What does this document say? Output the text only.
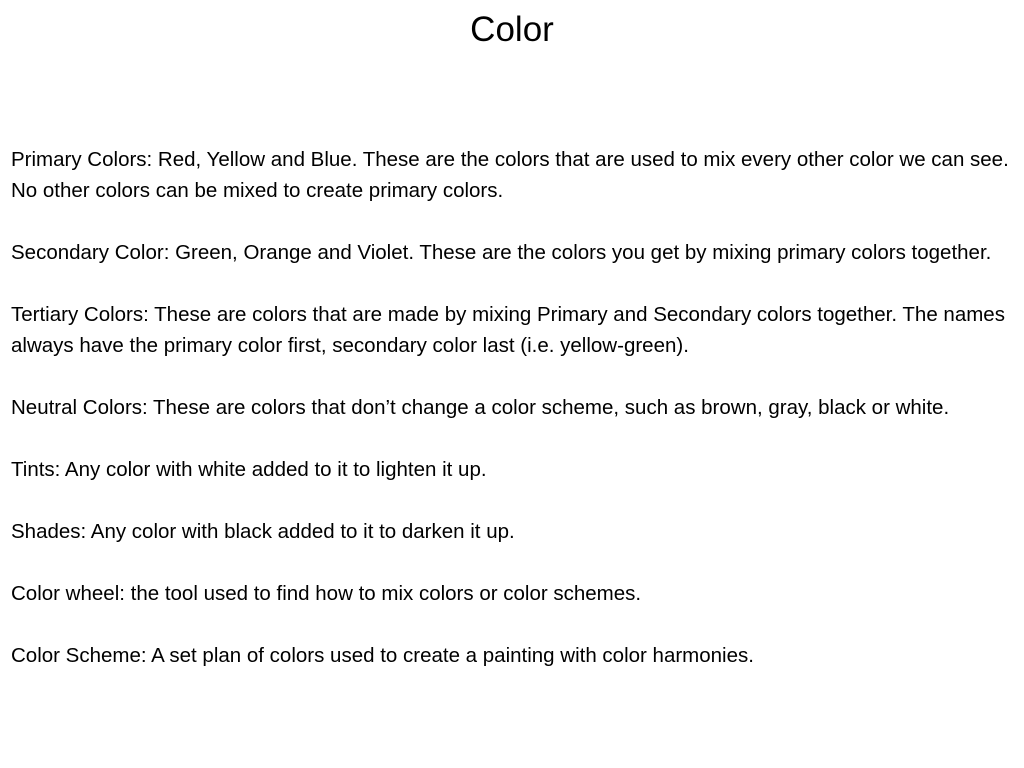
Color

Primary Colors: Red, Yellow and Blue. These are the colors that are used to mix every other color we can see. No other colors can be mixed to create primary colors.

Secondary Color: Green, Orange and Violet. These are the colors you get by mixing primary colors together.

Tertiary Colors: These are colors that are made by mixing Primary and Secondary colors together. The names always have the primary color first, secondary color last (i.e. yellow-green).

Neutral Colors: These are colors that don’t change a color scheme, such as brown, gray, black or white.

Tints: Any color with white added to it to lighten it up.

Shades: Any color with black added to it to darken it up.

Color wheel: the tool used to find how to mix colors or color schemes.

Color Scheme: A set plan of colors used to create a painting with color harmonies.
